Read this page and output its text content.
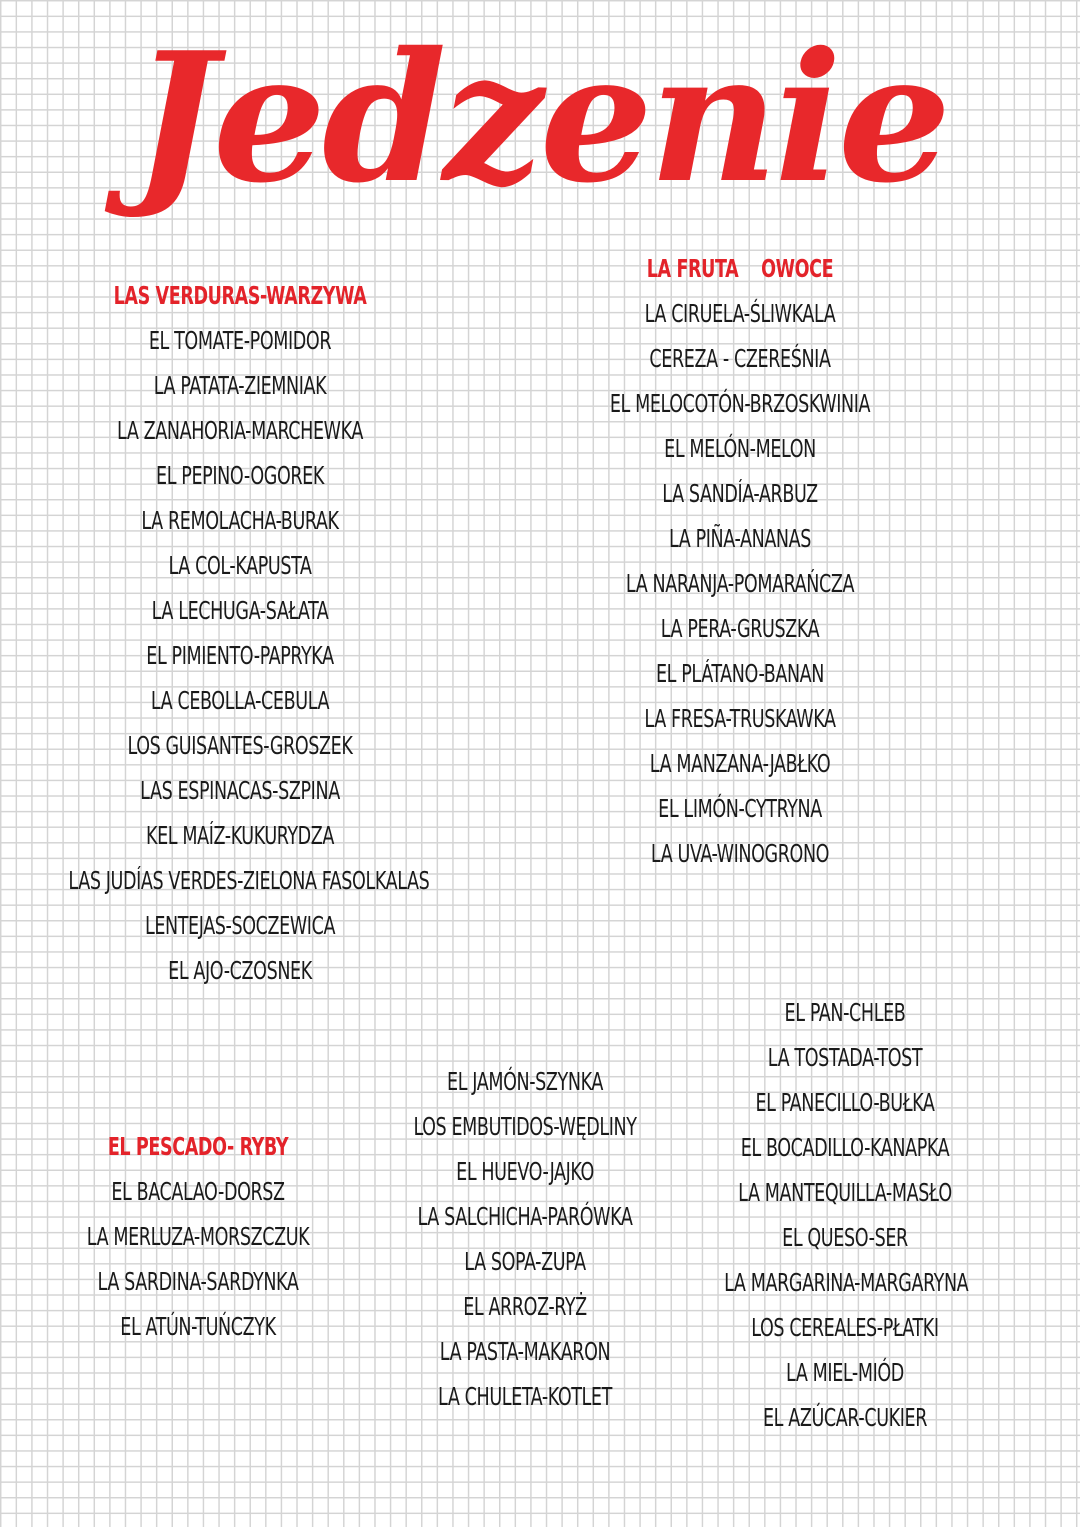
Jedzenie
LAS VERDURAS-WARZYWA
EL TOMATE-POMIDOR
LA PATATA-ZIEMNIAK
LA ZANAHORIA-MARCHEWKA
EL PEPINO-OGOREK
LA REMOLACHA-BURAK
LA COL-KAPUSTA
LA LECHUGA-SAŁATA
EL PIMIENTO-PAPRYKA
LA CEBOLLA-CEBULA
LOS GUISANTES-GROSZEK
LAS ESPINACAS-SZPINA
KEL MAÍZ-KUKURYDZA
LAS JUDÍAS VERDES-ZIELONA FASOLKALAS
LENTEJAS-SOCZEWICA
EL AJO-CZOSNEK
LA FRUTA    OWOCE
LA CIRUELA-ŚLIWKALA
CEREZA - CZEREŚNIA
EL MELOCOTÓN-BRZOSKWINIA
EL MELÓN-MELON
LA SANDÍA-ARBUZ
LA PIÑA-ANANAS
LA NARANJA-POMARAŃCZA
LA PERA-GRUSZKA
EL PLÁTANO-BANAN
LA FRESA-TRUSKAWKA
LA MANZANA-JABŁKO
EL LIMÓN-CYTRYNA
LA UVA-WINOGRONO
EL PESCADO- RYBY
EL BACALAO-DORSZ
LA MERLUZA-MORSZCZUK
LA SARDINA-SARDYNKA
EL ATÚN-TUŃCZYK
EL JAMÓN-SZYNKA
LOS EMBUTIDOS-WĘDLINY
EL HUEVO-JAJKO
LA SALCHICHA-PARÓWKA
LA SOPA-ZUPA
EL ARROZ-RYŻ
LA PASTA-MAKARON
LA CHULETA-KOTLET
EL PAN-CHLEB
LA TOSTADA-TOST
EL PANECILLO-BUŁKA
EL BOCADILLO-KANAPKA
LA MANTEQUILLA-MASŁO
EL QUESO-SER
LA MARGARINA-MARGARYNA
LOS CEREALES-PŁATKI
LA MIEL-MIÓD
EL AZÚCAR-CUKIER
